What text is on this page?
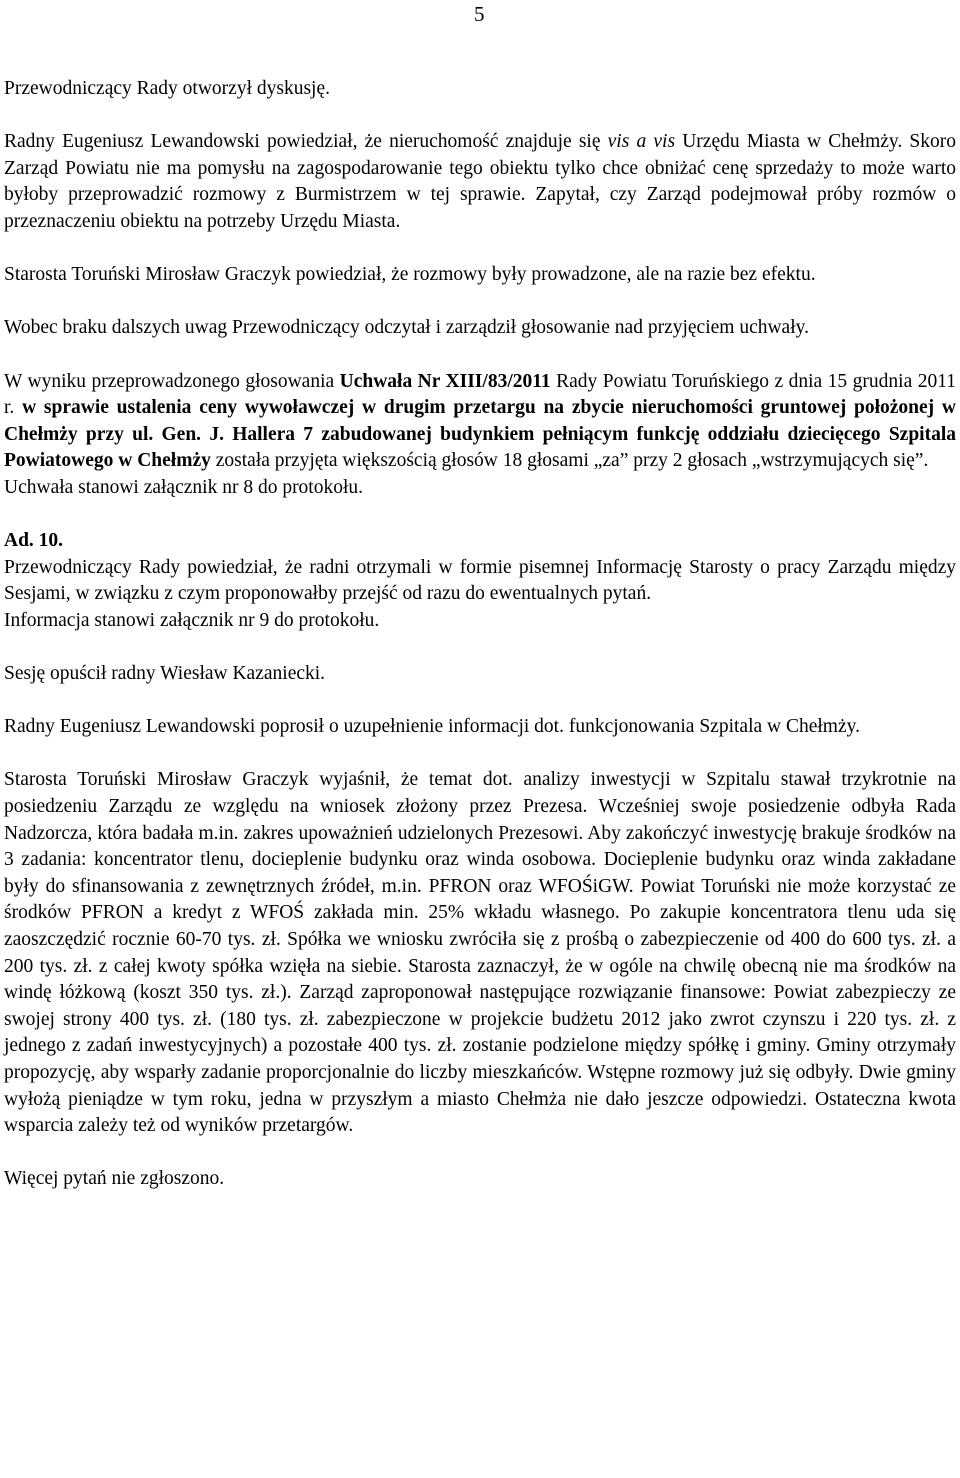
5

Przewodniczący Rady otworzył dyskusję.

Radny Eugeniusz Lewandowski powiedział, że nieruchomość znajduje się vis a vis Urzędu Miasta w Chełmży. Skoro Zarząd Powiatu nie ma pomysłu na zagospodarowanie tego obiektu tylko chce obniżać cenę sprzedaży to może warto byłoby przeprowadzić rozmowy z Burmistrzem w tej sprawie. Zapytał, czy Zarząd podejmował próby rozmów o przeznaczeniu obiektu na potrzeby Urzędu Miasta.

Starosta Toruński Mirosław Graczyk powiedział, że rozmowy były prowadzone, ale na razie bez efektu.

Wobec braku dalszych uwag Przewodniczący odczytał i zarządził głosowanie nad przyjęciem uchwały.

W wyniku przeprowadzonego głosowania Uchwała Nr XIII/83/2011 Rady Powiatu Toruńskiego z dnia 15 grudnia 2011 r. w sprawie ustalenia ceny wywoławczej w drugim przetargu na zbycie nieruchomości gruntowej położonej w Chełmży przy ul. Gen. J. Hallera 7 zabudowanej budynkiem pełniącym funkcję oddziału dziecięcego Szpitala Powiatowego w Chełmży została przyjęta większością głosów 18 głosami „za” przy 2 głosach „wstrzymujących się”.

Uchwała stanowi załącznik nr 8 do protokołu.

Ad. 10.

Przewodniczący Rady powiedział, że radni otrzymali w formie pisemnej Informację Starosty o pracy Zarządu między Sesjami, w związku z czym proponowałby przejść od razu do ewentualnych pytań.

Informacja stanowi załącznik nr 9 do protokołu.

Sesję opuścił radny Wiesław Kazaniecki.

Radny Eugeniusz Lewandowski poprosił o uzupełnienie informacji dot. funkcjonowania Szpitala w Chełmży.

Starosta Toruński Mirosław Graczyk wyjaśnił, że temat dot. analizy inwestycji w Szpitalu stawał trzykrotnie na posiedzeniu Zarządu ze względu na wniosek złożony przez Prezesa. Wcześniej swoje posiedzenie odbyła Rada Nadzorcza, która badała m.in. zakres upoważnień udzielonych Prezesowi. Aby zakończyć inwestycję brakuje środków na 3 zadania: koncentrator tlenu, docieplenie budynku oraz winda osobowa. Docieplenie budynku oraz winda zakładane były do sfinansowania z zewnętrznych źródeł, m.in. PFRON oraz WFOŚiGW. Powiat Toruński nie może korzystać ze środków PFRON a kredyt z WFOŚ zakłada min. 25% wkładu własnego. Po zakupie koncentratora tlenu uda się zaoszczędzić rocznie 60-70 tys. zł. Spółka we wniosku zwróciła się z prośbą o zabezpieczenie od 400 do 600 tys. zł. a 200 tys. zł. z całej kwoty spółka wzięła na siebie. Starosta zaznaczył, że w ogóle na chwilę obecną nie ma środków na windę łóżkową (koszt 350 tys. zł.). Zarząd zaproponował następujące rozwiązanie finansowe: Powiat zabezpieczy ze swojej strony 400 tys. zł. (180 tys. zł. zabezpieczone w projekcie budżetu 2012 jako zwrot czynszu i 220 tys. zł. z jednego z zadań inwestycyjnych) a pozostałe 400 tys. zł. zostanie podzielone między spółkę i gminy. Gminy otrzymały propozycję, aby wsparły zadanie proporcjonalnie do liczby mieszkańców. Wstępne rozmowy już się odbyły. Dwie gminy wyłożą pieniądze w tym roku, jedna w przyszłym a miasto Chełmża nie dało jeszcze odpowiedzi. Ostateczna kwota wsparcia zależy też od wyników przetargów.

Więcej pytań nie zgłoszono.
